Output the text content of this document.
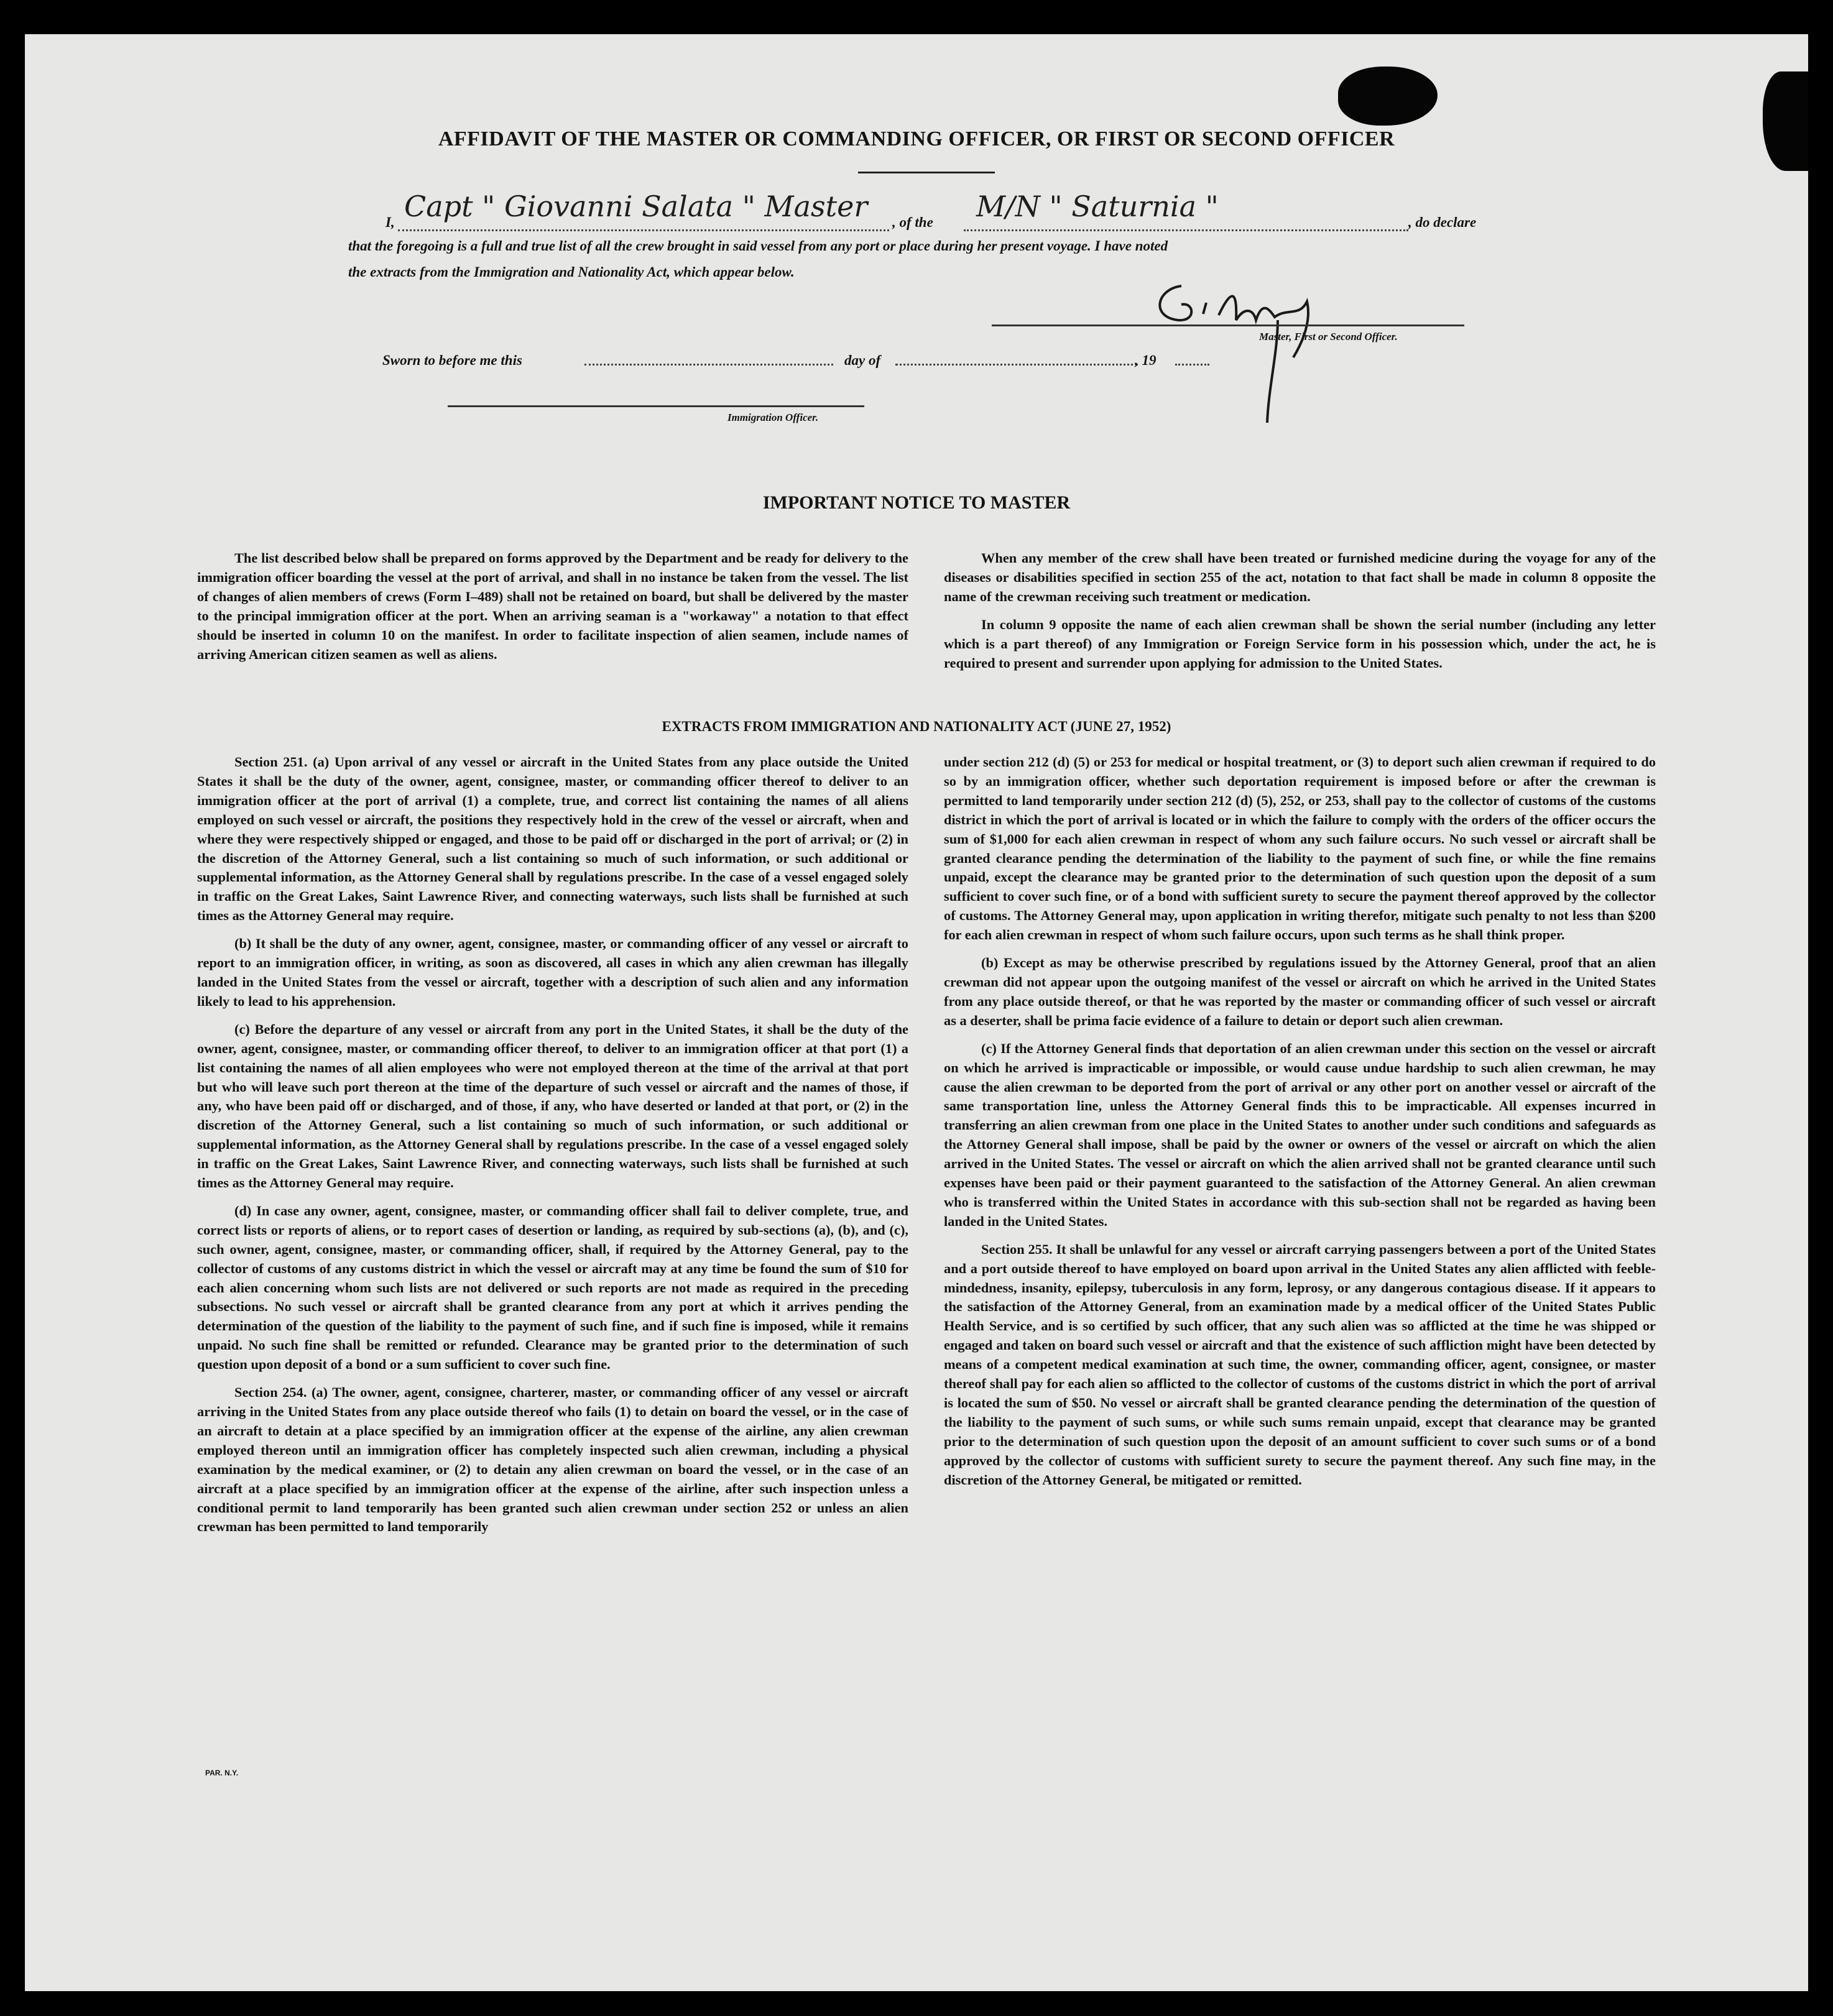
AFFIDAVIT OF THE MASTER OR COMMANDING OFFICER, OR FIRST OR SECOND OFFICER
I, Capt " Giovanni Salata " Master , of the M/N " Saturnia "	, do declare
that the foregoing is a full and true list of all the crew brought in said vessel from any port or place during her present voyage. I have noted
the extracts from the Immigration and Nationality Act, which appear below.
Master, First or Second Officer.
Sworn to before me this	day of	, 19
Immigration Officer.
IMPORTANT NOTICE TO MASTER

The list described below shall be prepared on forms approved by the Department and be ready for delivery to the immigration officer boarding the vessel at the port of arrival, and shall in no instance be taken from the vessel. The list of changes of alien members of crews (Form I–489) shall not be retained on board, but shall be delivered by the master to the principal immigration officer at the port. When an arriving seaman is a "workaway" a notation to that effect should be inserted in column 10 on the manifest. In order to facilitate inspection of alien seamen, include names of arriving American citizen seamen as well as aliens.

When any member of the crew shall have been treated or furnished medicine during the voyage for any of the diseases or disabilities specified in section 255 of the act, notation to that fact shall be made in column 8 opposite the name of the crewman receiving such treatment or medication.

In column 9 opposite the name of each alien crewman shall be shown the serial number (including any letter which is a part thereof) of any Immigration or Foreign Service form in his possession which, under the act, he is required to present and surrender upon applying for admission to the United States.

EXTRACTS FROM IMMIGRATION AND NATIONALITY ACT (JUNE 27, 1952)

Section 251. (a) Upon arrival of any vessel or aircraft in the United States from any place outside the United States it shall be the duty of the owner, agent, consignee, master, or commanding officer thereof to deliver to an immigration officer at the port of arrival (1) a complete, true, and correct list containing the names of all aliens employed on such vessel or aircraft, the positions they respectively hold in the crew of the vessel or aircraft, when and where they were respectively shipped or engaged, and those to be paid off or discharged in the port of arrival; or (2) in the discretion of the Attorney General, such a list containing so much of such information, or such additional or supplemental information, as the Attorney General shall by regulations prescribe. In the case of a vessel engaged solely in traffic on the Great Lakes, Saint Lawrence River, and connecting waterways, such lists shall be furnished at such times as the Attorney General may require.

(b) It shall be the duty of any owner, agent, consignee, master, or commanding officer of any vessel or aircraft to report to an immigration officer, in writing, as soon as discovered, all cases in which any alien crewman has illegally landed in the United States from the vessel or aircraft, together with a description of such alien and any information likely to lead to his apprehension.

(c) Before the departure of any vessel or aircraft from any port in the United States, it shall be the duty of the owner, agent, consignee, master, or commanding officer thereof, to deliver to an immigration officer at that port (1) a list containing the names of all alien employees who were not employed thereon at the time of the arrival at that port but who will leave such port thereon at the time of the departure of such vessel or aircraft and the names of those, if any, who have been paid off or discharged, and of those, if any, who have deserted or landed at that port, or (2) in the discretion of the Attorney General, such a list containing so much of such information, or such additional or supplemental information, as the Attorney General shall by regulations prescribe. In the case of a vessel engaged solely in traffic on the Great Lakes, Saint Lawrence River, and connecting waterways, such lists shall be furnished at such times as the Attorney General may require.

(d) In case any owner, agent, consignee, master, or commanding officer shall fail to deliver complete, true, and correct lists or reports of aliens, or to report cases of desertion or landing, as required by sub-sections (a), (b), and (c), such owner, agent, consignee, master, or commanding officer, shall, if required by the Attorney General, pay to the collector of customs of any customs district in which the vessel or aircraft may at any time be found the sum of $10 for each alien concerning whom such lists are not delivered or such reports are not made as required in the preceding subsections. No such vessel or aircraft shall be granted clearance from any port at which it arrives pending the determination of the question of the liability to the payment of such fine, and if such fine is imposed, while it remains unpaid. No such fine shall be remitted or refunded. Clearance may be granted prior to the determination of such question upon deposit of a bond or a sum sufficient to cover such fine.

Section 254. (a) The owner, agent, consignee, charterer, master, or commanding officer of any vessel or aircraft arriving in the United States from any place outside thereof who fails (1) to detain on board the vessel, or in the case of an aircraft to detain at a place specified by an immigration officer at the expense of the airline, any alien crewman employed thereon until an immigration officer has completely inspected such alien crewman, including a physical examination by the medical examiner, or (2) to detain any alien crewman on board the vessel, or in the case of an aircraft at a place specified by an immigration officer at the expense of the airline, after such inspection unless a conditional permit to land temporarily has been granted such alien crewman under section 252 or unless an alien crewman has been permitted to land temporarily

under section 212 (d) (5) or 253 for medical or hospital treatment, or (3) to deport such alien crewman if required to do so by an immigration officer, whether such deportation requirement is imposed before or after the crewman is permitted to land temporarily under section 212 (d) (5), 252, or 253, shall pay to the collector of customs of the customs district in which the port of arrival is located or in which the failure to comply with the orders of the officer occurs the sum of $1,000 for each alien crewman in respect of whom any such failure occurs. No such vessel or aircraft shall be granted clearance pending the determination of the liability to the payment of such fine, or while the fine remains unpaid, except the clearance may be granted prior to the determination of such question upon the deposit of a sum sufficient to cover such fine, or of a bond with sufficient surety to secure the payment thereof approved by the collector of customs. The Attorney General may, upon application in writing therefor, mitigate such penalty to not less than $200 for each alien crewman in respect of whom such failure occurs, upon such terms as he shall think proper.

(b) Except as may be otherwise prescribed by regulations issued by the Attorney General, proof that an alien crewman did not appear upon the outgoing manifest of the vessel or aircraft on which he arrived in the United States from any place outside thereof, or that he was reported by the master or commanding officer of such vessel or aircraft as a deserter, shall be prima facie evidence of a failure to detain or deport such alien crewman.

(c) If the Attorney General finds that deportation of an alien crewman under this section on the vessel or aircraft on which he arrived is impracticable or impossible, or would cause undue hardship to such alien crewman, he may cause the alien crewman to be deported from the port of arrival or any other port on another vessel or aircraft of the same transportation line, unless the Attorney General finds this to be impracticable. All expenses incurred in transferring an alien crewman from one place in the United States to another under such conditions and safeguards as the Attorney General shall impose, shall be paid by the owner or owners of the vessel or aircraft on which the alien arrived in the United States. The vessel or aircraft on which the alien arrived shall not be granted clearance until such expenses have been paid or their payment guaranteed to the satisfaction of the Attorney General. An alien crewman who is transferred within the United States in accordance with this sub-section shall not be regarded as having been landed in the United States.

Section 255. It shall be unlawful for any vessel or aircraft carrying passengers between a port of the United States and a port outside thereof to have employed on board upon arrival in the United States any alien afflicted with feeble-mindedness, insanity, epilepsy, tuberculosis in any form, leprosy, or any dangerous contagious disease. If it appears to the satisfaction of the Attorney General, from an examination made by a medical officer of the United States Public Health Service, and is so certified by such officer, that any such alien was so afflicted at the time he was shipped or engaged and taken on board such vessel or aircraft and that the existence of such affliction might have been detected by means of a competent medical examination at such time, the owner, commanding officer, agent, consignee, or master thereof shall pay for each alien so afflicted to the collector of customs of the customs district in which the port of arrival is located the sum of $50. No vessel or aircraft shall be granted clearance pending the determination of the question of the liability to the payment of such sums, or while such sums remain unpaid, except that clearance may be granted prior to the determination of such question upon the deposit of an amount sufficient to cover such sums or of a bond approved by the collector of customs with sufficient surety to secure the payment thereof. Any such fine may, in the discretion of the Attorney General, be mitigated or remitted.

PAR. N.Y.
